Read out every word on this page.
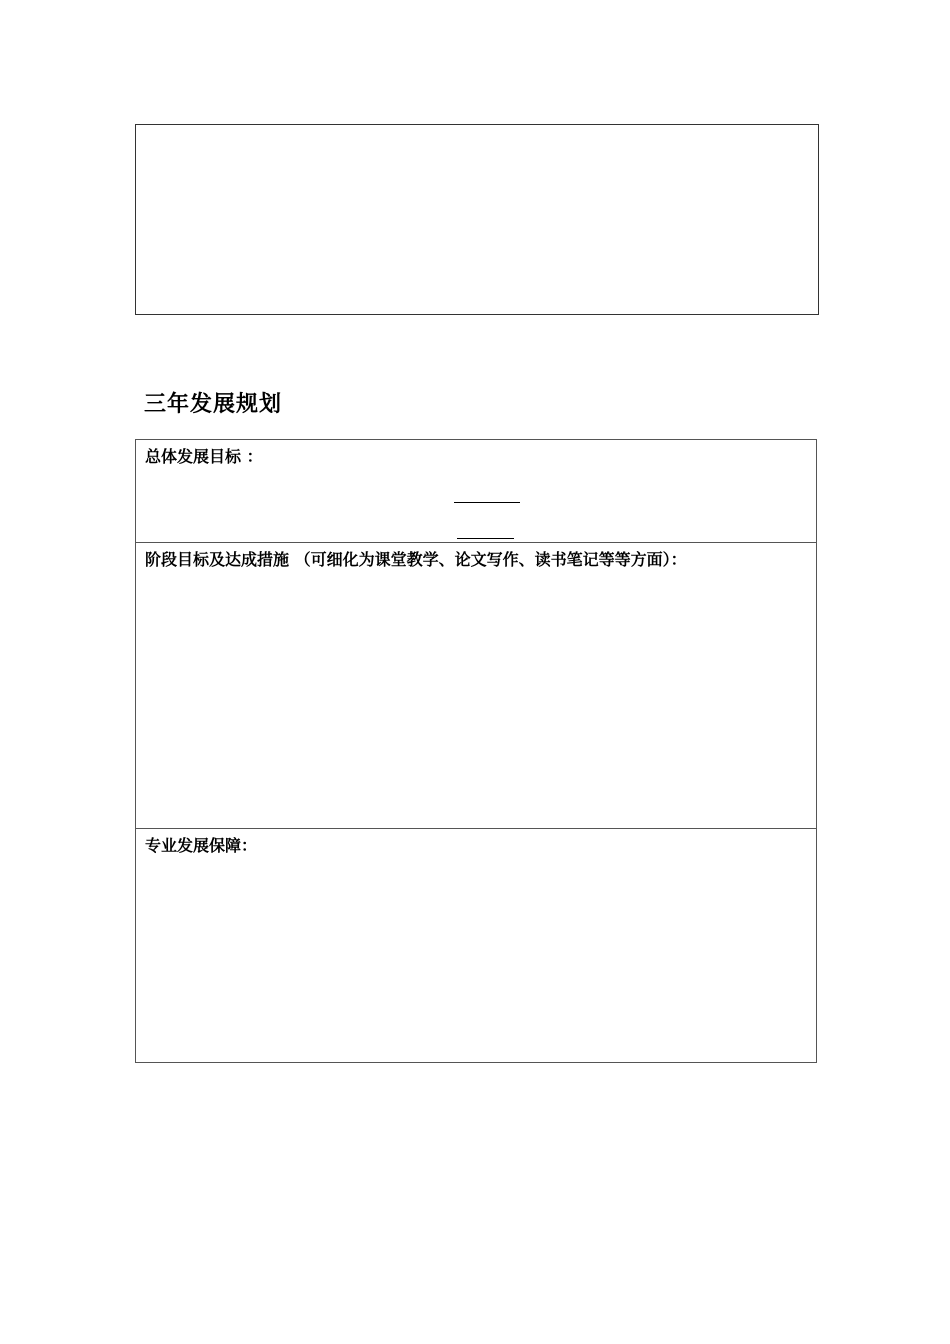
三年发展规划
总体发展目标 ：
阶段目标及达成措施 （可细化为课堂教学、论文写作、读书笔记等等方面）：
专业发展保障：
